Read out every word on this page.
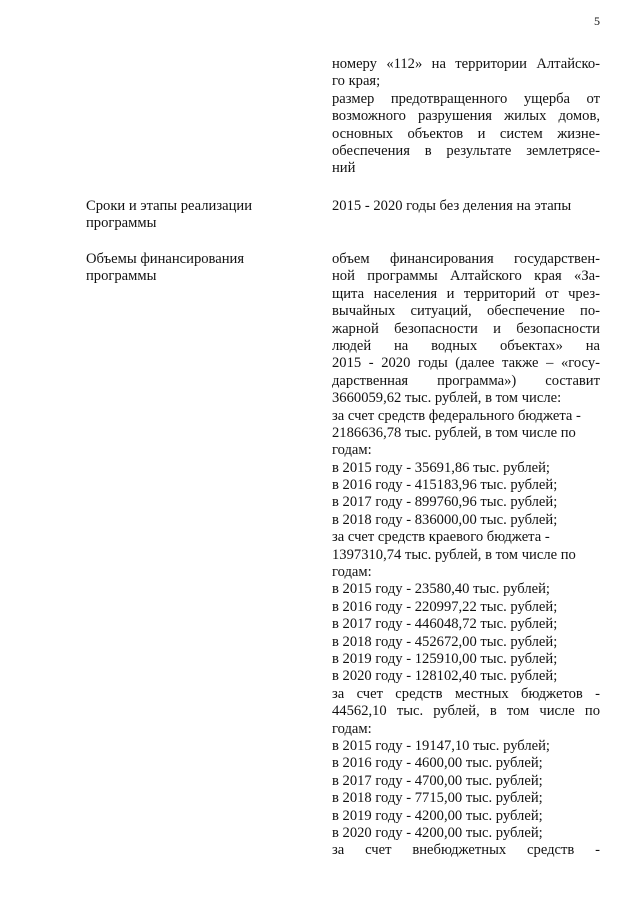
5
номеру «112» на территории Алтайско-
го края;
размер предотвращенного ущерба от
возможного разрушения жилых домов,
основных объектов и систем жизне-
обеспечения в результате землетрясе-
ний
Сроки и этапы реализации
программы
2015 - 2020 годы без деления на этапы
Объемы финансирования
программы
объем финансирования государствен-
ной программы Алтайского края «За-
щита населения и территорий от чрез-
вычайных ситуаций, обеспечение по-
жарной безопасности и безопасности
людей на водных объектах» на
2015 - 2020 годы (далее также – «госу-
дарственная программа») составит
3660059,62 тыс. рублей, в том числе:
за счет средств федерального бюджета -
2186636,78 тыс. рублей, в том числе по
годам:
в 2015 году - 35691,86 тыс. рублей;
в 2016 году - 415183,96 тыс. рублей;
в 2017 году - 899760,96 тыс. рублей;
в 2018 году - 836000,00 тыс. рублей;
за счет средств краевого бюджета -
1397310,74 тыс. рублей, в том числе по
годам:
в 2015 году - 23580,40 тыс. рублей;
в 2016 году - 220997,22 тыс. рублей;
в 2017 году - 446048,72 тыс. рублей;
в 2018 году - 452672,00 тыс. рублей;
в 2019 году - 125910,00 тыс. рублей;
в 2020 году - 128102,40 тыс. рублей;
за счет средств местных бюджетов -
44562,10 тыс. рублей, в том числе по
годам:
в 2015 году - 19147,10 тыс. рублей;
в 2016 году - 4600,00 тыс. рублей;
в 2017 году - 4700,00 тыс. рублей;
в 2018 году - 7715,00 тыс. рублей;
в 2019 году - 4200,00 тыс. рублей;
в 2020 году - 4200,00 тыс. рублей;
за счет внебюджетных средств -
